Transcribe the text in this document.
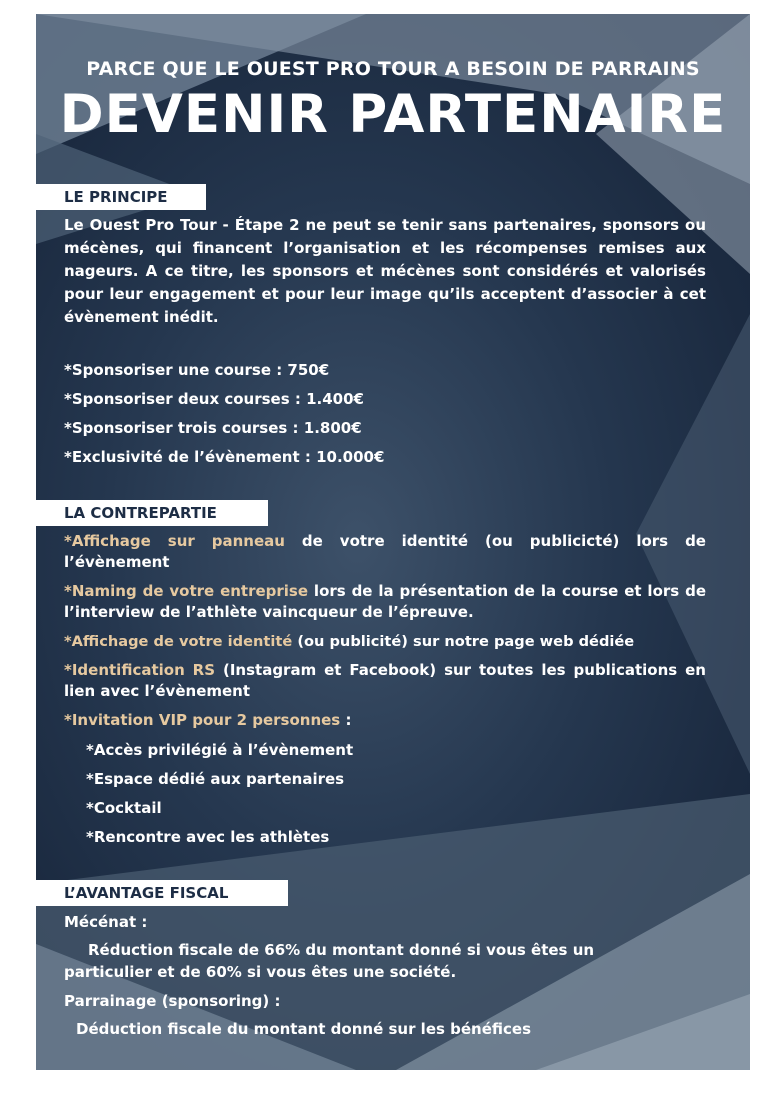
PARCE QUE LE OUEST PRO TOUR A BESOIN DE PARRAINS
DEVENIR PARTENAIRE
LE PRINCIPE
Le Ouest Pro Tour - Étape 2 ne peut se tenir sans partenaires, sponsors ou mécènes, qui financent l’organisation et les récompenses remises aux nageurs. A ce titre, les sponsors et mécènes sont considérés et valorisés pour leur engagement et pour leur image qu’ils acceptent d’associer à cet évènement inédit.
*Sponsoriser une course : 750€
*Sponsoriser deux courses : 1.400€
*Sponsoriser trois courses : 1.800€
*Exclusivité de l’évènement : 10.000€
LA CONTREPARTIE
*Affichage sur panneau de votre identité (ou publicicté) lors de l’évènement
*Naming de votre entreprise lors de la présentation de la course et lors de l’interview de l’athlète vaincqueur de l’épreuve.
*Affichage de votre identité (ou publicité) sur notre page web dédiée
*Identification RS (Instagram et Facebook) sur toutes les publications en lien avec l’évènement
*Invitation VIP pour 2 personnes :
*Accès privilégié à l’évènement
*Espace dédié aux partenaires
*Cocktail
*Rencontre avec les athlètes
L’AVANTAGE FISCAL
Mécénat :
Réduction fiscale de 66% du montant donné si vous êtes un particulier et de 60% si vous êtes une société.
Parrainage (sponsoring) :
Déduction fiscale du montant donné sur les bénéfices
